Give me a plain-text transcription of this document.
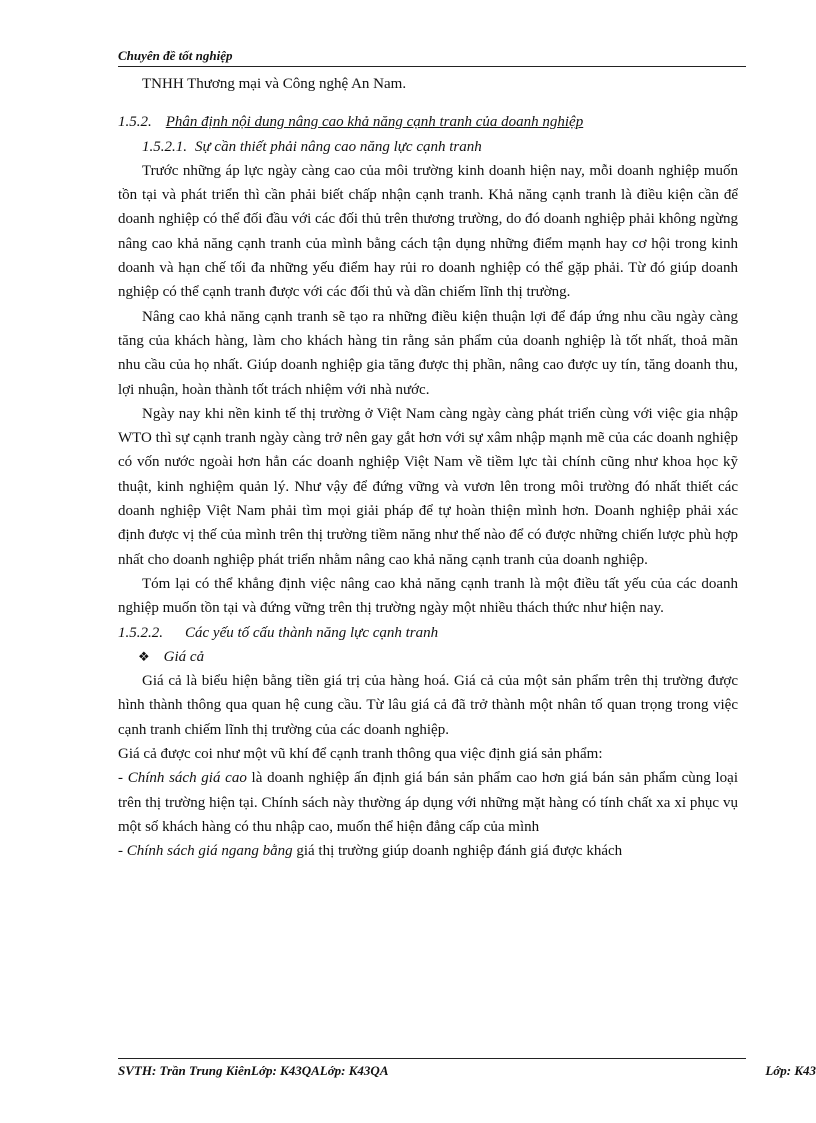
Chuyên đề tốt nghiệp

TNHH Thương mại và Công nghệ An Nam.

1.5.2. Phân định nội dung nâng cao khả năng cạnh tranh của doanh nghiệp

1.5.2.1. Sự cần thiết phải nâng cao năng lực cạnh tranh

Trước những áp lực ngày càng cao của môi trường kinh doanh hiện nay, mỗi doanh nghiệp muốn tồn tại và phát triển thì cần phải biết chấp nhận cạnh tranh. Khả năng cạnh tranh là điều kiện cần để doanh nghiệp có thể đối đầu với các đối thủ trên thương trường, do đó doanh nghiệp phải không ngừng nâng cao khả năng cạnh tranh của mình bằng cách tận dụng những điểm mạnh hay cơ hội trong kinh doanh và hạn chế tối đa những yếu điểm hay rủi ro doanh nghiệp có thể gặp phải. Từ đó giúp doanh nghiệp có thể cạnh tranh được với các đối thủ và dần chiếm lĩnh thị trường.

Nâng cao khả năng cạnh tranh sẽ tạo ra những điều kiện thuận lợi để đáp ứng nhu cầu ngày càng tăng của khách hàng, làm cho khách hàng tin rằng sản phẩm của doanh nghiệp là tốt nhất, thoả mãn nhu cầu của họ nhất. Giúp doanh nghiệp gia tăng được thị phần, nâng cao được uy tín, tăng doanh thu, lợi nhuận, hoàn thành tốt trách nhiệm với nhà nước.

Ngày nay khi nền kinh tế thị trường ở Việt Nam càng ngày càng phát triển cùng với việc gia nhập WTO thì sự cạnh tranh ngày càng trở nên gay gắt hơn với sự xâm nhập mạnh mẽ của các doanh nghiệp có vốn nước ngoài hơn hẳn các doanh nghiệp Việt Nam về tiềm lực tài chính cũng như khoa học kỹ thuật, kinh nghiệm quản lý. Như vậy để đứng vững và vươn lên trong môi trường đó nhất thiết các doanh nghiệp Việt Nam phải tìm mọi giải pháp để tự hoàn thiện mình hơn. Doanh nghiệp phải xác định được vị thế của mình trên thị trường tiềm năng như thế nào để có được những chiến lược phù hợp nhất cho doanh nghiệp phát triển nhằm nâng cao khả năng cạnh tranh của doanh nghiệp.

Tóm lại có thể khẳng định việc nâng cao khả năng cạnh tranh là một điều tất yếu của các doanh nghiệp muốn tồn tại và đứng vững trên thị trường ngày một nhiều thách thức như hiện nay.

1.5.2.2. Các yếu tố cấu thành năng lực cạnh tranh

❖ Giá cả

Giá cả là biểu hiện bằng tiền giá trị của hàng hoá. Giá cả của một sản phẩm trên thị trường được hình thành thông qua quan hệ cung cầu. Từ lâu giá cả đã trở thành một nhân tố quan trọng trong việc cạnh tranh chiếm lĩnh thị trường của các doanh nghiệp.

Giá cả được coi như một vũ khí để cạnh tranh thông qua việc định giá sản phẩm:

- Chính sách giá cao là doanh nghiệp ấn định giá bán sản phẩm cao hơn giá bán sản phẩm cùng loại trên thị trường hiện tại. Chính sách này thường áp dụng với những mặt hàng có tính chất xa xỉ phục vụ một số khách hàng có thu nhập cao, muốn thể hiện đẳng cấp của mình

- Chính sách giá ngang bằng giá thị trường giúp doanh nghiệp đánh giá được khách

SVTH: Trần Trung KiênLớp: K43QALớp: K43QA	Lớp: K43
